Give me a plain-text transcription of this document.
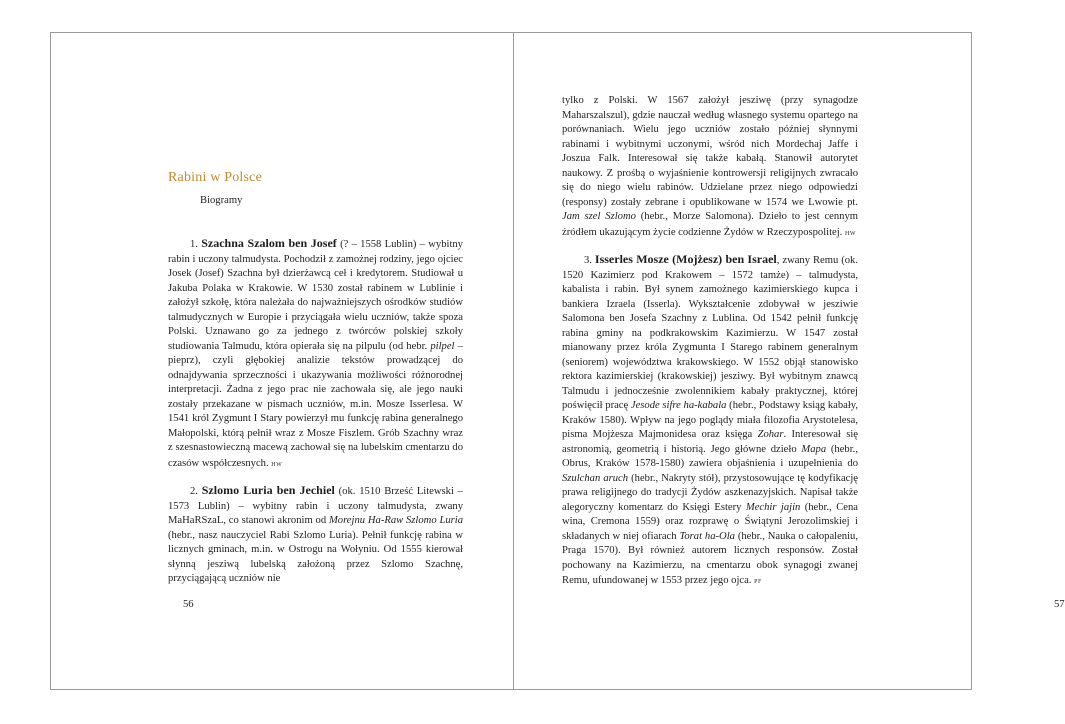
Rabini w Polsce
Biogramy

1. Szachna Szalom ben Josef (? – 1558 Lublin) – wybitny rabin i uczony talmudysta. Pochodził z zamożnej rodziny, jego ojciec Josek (Josef) Szachna był dzierżawcą ceł i kredytorem. Studiował u Jakuba Polaka w Krakowie. W 1530 został rabinem w Lublinie i założył szkołę, która należała do najważniejszych ośrodków studiów talmudycznych w Europie i przyciągała wielu uczniów, także spoza Polski. Uznawano go za jednego z twórców polskiej szkoły studiowania Talmudu, która opierała się na pilpulu (od hebr. pilpel – pieprz), czyli głębokiej analizie tekstów prowadzącej do odnajdywania sprzeczności i ukazywania możliwości różnorodnej interpretacji. Żadna z jego prac nie zachowała się, ale jego nauki zostały przekazane w pismach uczniów, m.in. Mosze Isserlesa. W 1541 król Zygmunt I Stary powierzył mu funkcję rabina generalnego Małopolski, którą pełnił wraz z Mosze Fiszlem. Grób Szachny wraz z szesnastowieczną macewą zachował się na lubelskim cmentarzu do czasów współczesnych. hw

2. Szlomo Luria ben Jechiel (ok. 1510 Brześć Litewski – 1573 Lublin) – wybitny rabin i uczony talmudysta, zwany MaHaRSzaL, co stanowi akronim od Morejnu Ha-Raw Szlomo Luria (hebr., nasz nauczyciel Rabi Szlomo Luria). Pełnił funkcję rabina w licznych gminach, m.in. w Ostrogu na Wołyniu. Od 1555 kierował słynną jesziwą lubelską założoną przez Szlomo Szachnę, przyciągającą uczniów nie

56

tylko z Polski. W 1567 założył jesziwę (przy synagodze Maharszalszul), gdzie nauczał według własnego systemu opartego na porównaniach. Wielu jego uczniów zostało później słynnymi rabinami i wybitnymi uczonymi, wśród nich Mordechaj Jaffe i Joszua Falk. Interesował się także kabałą. Stanowił autorytet naukowy. Z prośbą o wyjaśnienie kontrowersji religijnych zwracało się do niego wielu rabinów. Udzielane przez niego odpowiedzi (responsy) zostały zebrane i opublikowane w 1574 we Lwowie pt. Jam szel Szlomo (hebr., Morze Salomona). Dzieło to jest cennym źródłem ukazującym życie codzienne Żydów w Rzeczypospolitej. hw

3. Isserles Mosze (Mojżesz) ben Israel, zwany Remu (ok. 1520 Kazimierz pod Krakowem – 1572 tamże) – talmudysta, kabalista i rabin. Był synem zamożnego kazimierskiego kupca i bankiera Izraela (Isserla). Wykształcenie zdobywał w jesziwie Salomona ben Josefa Szachny z Lublina. Od 1542 pełnił funkcję rabina gminy na podkrakowskim Kazimierzu. W 1547 został mianowany przez króla Zygmunta I Starego rabinem generalnym (seniorem) województwa krakowskiego. W 1552 objął stanowisko rektora kazimierskiej (krakowskiej) jesziwy. Był wybitnym znawcą Talmudu i jednocześnie zwolennikiem kabały praktycznej, której poświęcił pracę Jesode sifre ha-kabala (hebr., Podstawy ksiąg kabały, Kraków 1580). Wpływ na jego poglądy miała filozofia Arystotelesa, pisma Mojżesza Majmonidesa oraz księga Zohar. Interesował się astronomią, geometrią i historią. Jego główne dzieło Mapa (hebr., Obrus, Kraków 1578-1580) zawiera objaśnienia i uzupełnienia do Szulchan aruch (hebr., Nakryty stół), przystosowujące tę kodyfikację prawa religijnego do tradycji Żydów aszkenazyjskich. Napisał także alegoryczny komentarz do Księgi Estery Mechir jajin (hebr., Cena wina, Cremona 1559) oraz rozprawę o Świątyni Jerozolimskiej i składanych w niej ofiarach Torat ha-Ola (hebr., Nauka o całopaleniu, Praga 1570). Był również autorem licznych responsów. Został pochowany na Kazimierzu, na cmentarzu obok synagogi zwanej Remu, ufundowanej w 1553 przez jego ojca. pf

57
